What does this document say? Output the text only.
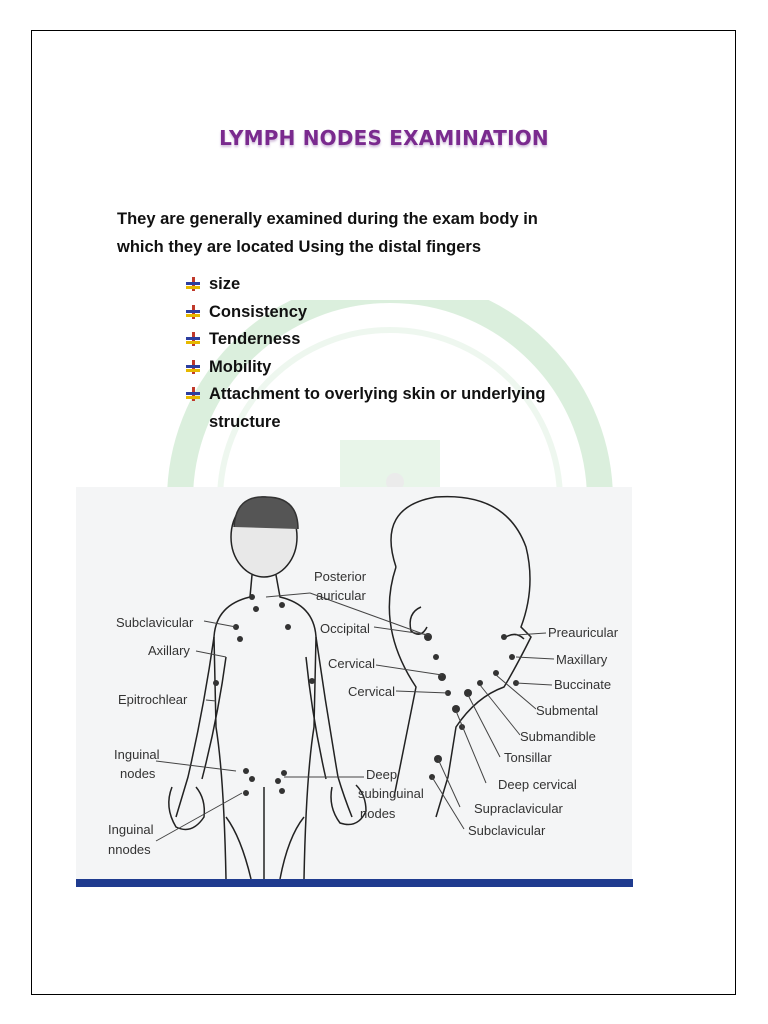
LYMPH NODES EXAMINATION
They are generally examined during the exam body in
which they are located Using the distal fingers
size
Consistency
Tenderness
Mobility
Attachment to overlying skin or underlying
structure
Subclavicular
Axillary
Epitrochlear
Inguinal
nodes
Inguinal
nnodes
Posterior
auricular
Occipital
Cervical
Cervical
Deep
subinguinal
nodes
Preauricular
Maxillary
Buccinate
Submental
Submandible
Tonsillar
Deep cervical
Supraclavicular
Subclavicular
